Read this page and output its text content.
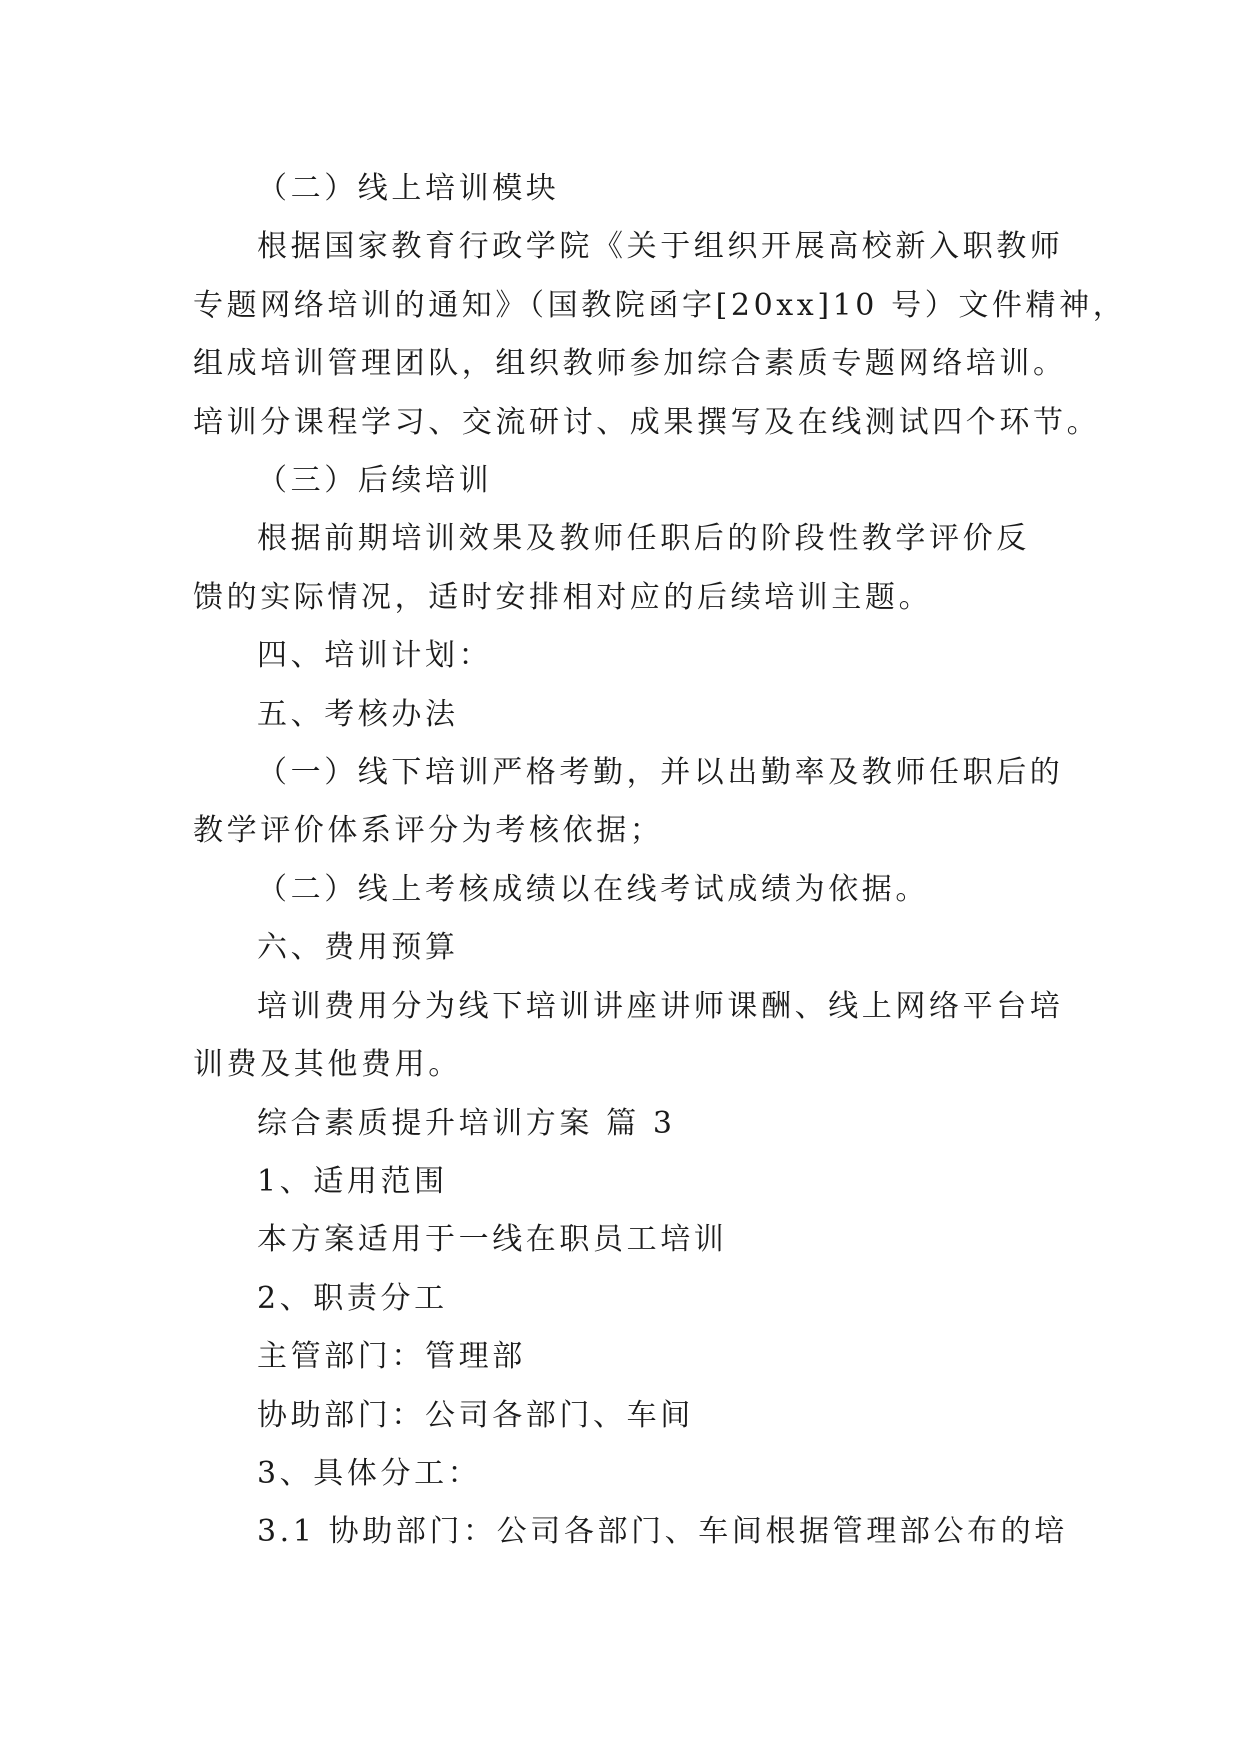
（二）线上培训模块

根据国家教育行政学院《关于组织开展高校新入职教师

专题网络培训的通知》（国教院函字[20xx]10 号）文件精神，

组成培训管理团队，组织教师参加综合素质专题网络培训。

培训分课程学习、交流研讨、成果撰写及在线测试四个环节。

（三）后续培训

根据前期培训效果及教师任职后的阶段性教学评价反

馈的实际情况，适时安排相对应的后续培训主题。

四、培训计划：

五、考核办法

（一）线下培训严格考勤，并以出勤率及教师任职后的

教学评价体系评分为考核依据；

（二）线上考核成绩以在线考试成绩为依据。

六、费用预算

培训费用分为线下培训讲座讲师课酬、线上网络平台培

训费及其他费用。

综合素质提升培训方案 篇 3

1、适用范围

本方案适用于一线在职员工培训

2、职责分工

主管部门：管理部

协助部门：公司各部门、车间

3、具体分工：

3.1 协助部门：公司各部门、车间根据管理部公布的培
